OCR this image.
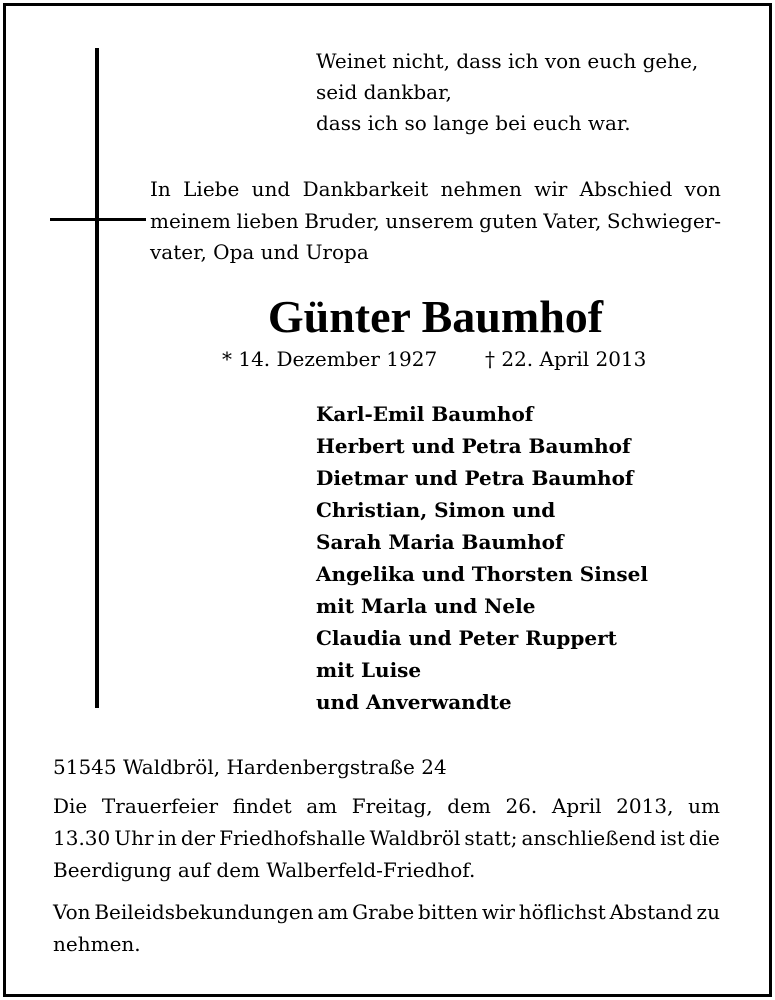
Weinet nicht, dass ich von euch gehe,
seid dankbar,
dass ich so lange bei euch war.
In Liebe und Dankbarkeit nehmen wir Abschied von
meinem lieben Bruder, unserem guten Vater, Schwieger-
vater, Opa und Uropa
Günter Baumhof
* 14. Dezember 1927 † 22. April 2013
Karl-Emil Baumhof
Herbert und Petra Baumhof
Dietmar und Petra Baumhof
Christian, Simon und
Sarah Maria Baumhof
Angelika und Thorsten Sinsel
mit Marla und Nele
Claudia und Peter Ruppert
mit Luise
und Anverwandte
51545 Waldbröl, Hardenbergstraße 24
Die Trauerfeier findet am Freitag, dem 26. April 2013, um
13.30 Uhr in der Friedhofshalle Waldbröl statt; anschließend ist die
Beerdigung auf dem Walberfeld-Friedhof.
Von Beileidsbekundungen am Grabe bitten wir höflichst Abstand zu
nehmen.
